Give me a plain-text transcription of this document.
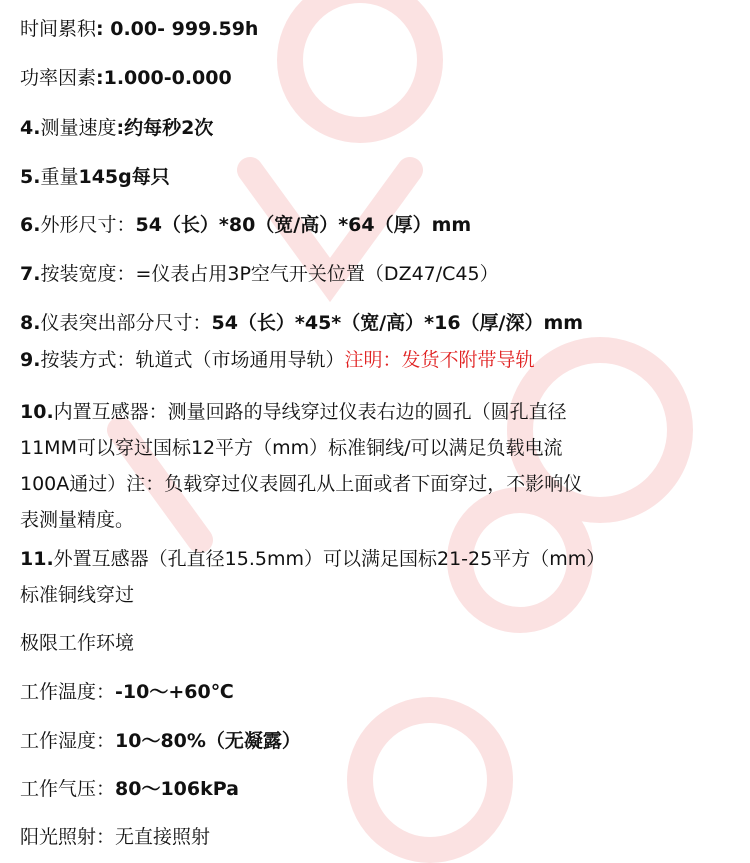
时间累积: 0.00- 999.59h
功率因素:1.000-0.000
4.测量速度:约每秒2次
5.重量145g每只
6.外形尺寸：54（长）*80（宽/高）*64（厚）mm
7.按装宽度：=仪表占用3P空气开关位置（DZ47/C45）
8.仪表突出部分尺寸：54（长）*45*（宽/高）*16（厚/深）mm
9.按装方式：轨道式（市场通用导轨）注明：发货不附带导轨
10.内置互感器：测量回路的导线穿过仪表右边的圆孔（圆孔直径
11MM可以穿过国标12平方（mm）标准铜线/可以满足负载电流
100A通过）注：负载穿过仪表圆孔从上面或者下面穿过，不影响仪
表测量精度。
11.外置互感器（孔直径15.5mm）可以满足国标21-25平方（mm）
标准铜线穿过
极限工作环境
工作温度：-10～+60℃
工作湿度：10～80%（无凝露）
工作气压：80～106kPa
阳光照射：无直接照射
